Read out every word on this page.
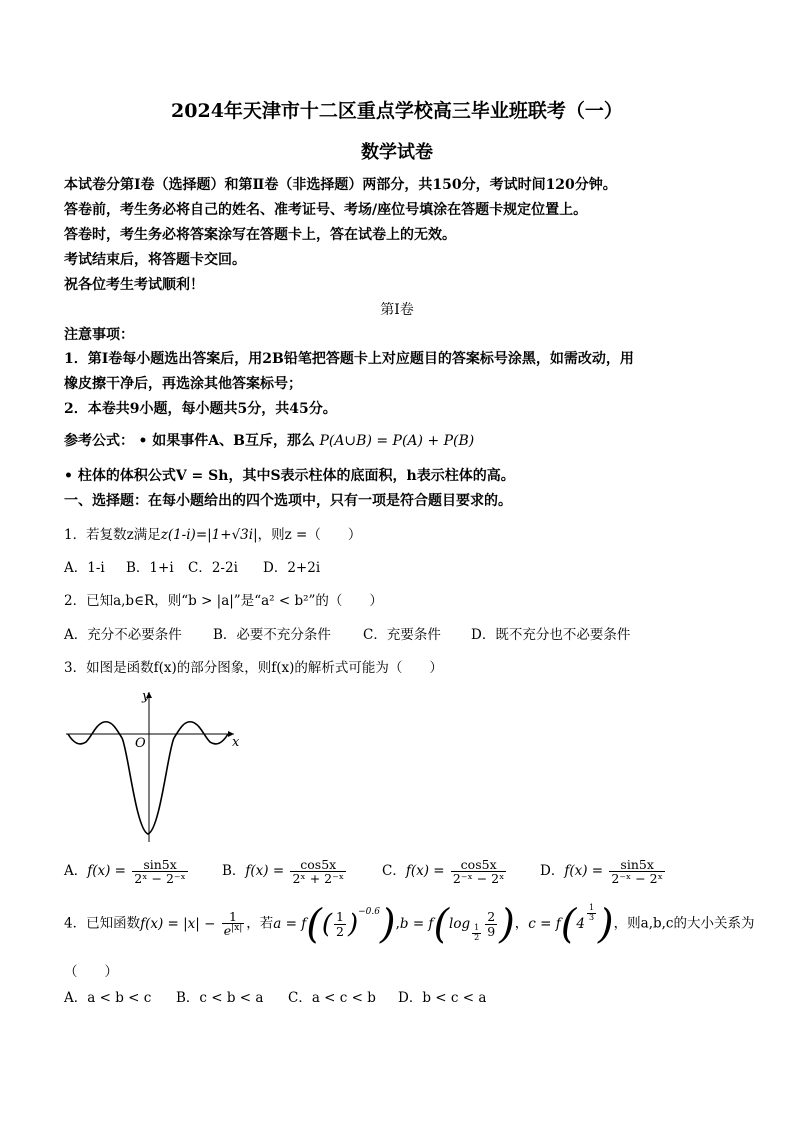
2024年天津市十二区重点学校高三毕业班联考（一）
数学试卷
本试卷分第Ⅰ卷（选择题）和第Ⅱ卷（非选择题）两部分，共150分，考试时间120分钟。
答卷前，考生务必将自己的姓名、准考证号、考场/座位号填涂在答题卡规定位置上。
答卷时，考生务必将答案涂写在答题卡上，答在试卷上的无效。
考试结束后，将答题卡交回。
祝各位考生考试顺利！
第Ⅰ卷
注意事项：
1．第Ⅰ卷每小题选出答案后，用2B铅笔把答题卡上对应题目的答案标号涂黑，如需改动，用
橡皮擦干净后，再选涂其他答案标号；
2．本卷共9小题，每小题共5分，共45分。
参考公式： • 如果事件A、B互斥，那么 P(A∪B) = P(A) + P(B)
• 柱体的体积公式V = Sh，其中S表示柱体的底面积，h表示柱体的高。
一、选择题：在每小题给出的四个选项中，只有一项是符合题目要求的。
1．若复数z满足z(1-i)=|1+√3i|，则z =（　　）
A．1-i B．1+i C．2-2i D．2+2i
2．已知a,b∈R，则“b > |a|”是“a² < b²”的（　　）
A．充分不必要条件 B．必要不充分条件 C．充要条件 D．既不充分也不必要条件
3．如图是函数f(x)的部分图象，则f(x)的解析式可能为（　　）
y
x
O
A．$f(x) = \frac{\sin 5x}{\text{2ˣ − 2⁻ˣ}}$	B．$f(x) = \frac{\cos 5x}{\text{2ˣ + 2⁻ˣ}}$	C．$f(x) = \frac{\cos 5x}{\text{2⁻ˣ − 2ˣ}}$ D．$f(x) = \frac{\sin 5x}{\text{2⁻ˣ − 2ˣ}}$
4．已知函数$f(x) = |x| - \frac{1}{e^{|x|}}$ ，若$a = f(( \frac{1}{2} )^{-0.6}),b = f(\log$
$_{\frac{1}{2}} \frac{2}{9}$ )，c = f(4
$^{\frac{1}{3}}$ )，则a,b,c的大小关系为
（　　）
A．a < b < c B．c < b < a C．a < c < b D．b < c < a
